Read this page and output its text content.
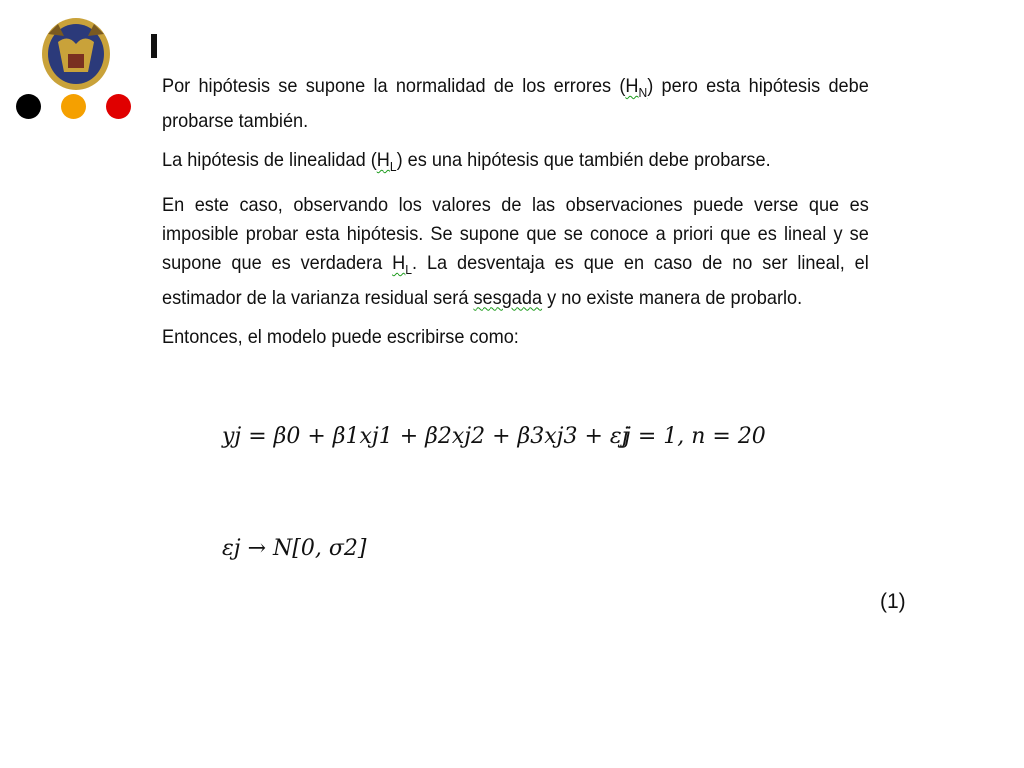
Por hipótesis se supone la normalidad de los errores $(H_N)$ pero esta hipótesis debe probarse también.

La hipótesis de linealidad $(H_L)$ es una hipótesis que también debe probarse.

En este caso, observando los valores de las observaciones puede verse que es imposible probar esta hipótesis. Se supone que se conoce a priori que es lineal y se supone que es verdadera $H_L$. La desventaja es que en caso de no ser lineal, el estimador de la varianza residual será sesgada y no existe manera de probarlo.

Entonces, el modelo puede escribirse como:

yj = β0 + β1xj1 + β2xj2 + β3xj3 + εj
j = 1, n = 20
εj → N[0, σ2]
(1)
